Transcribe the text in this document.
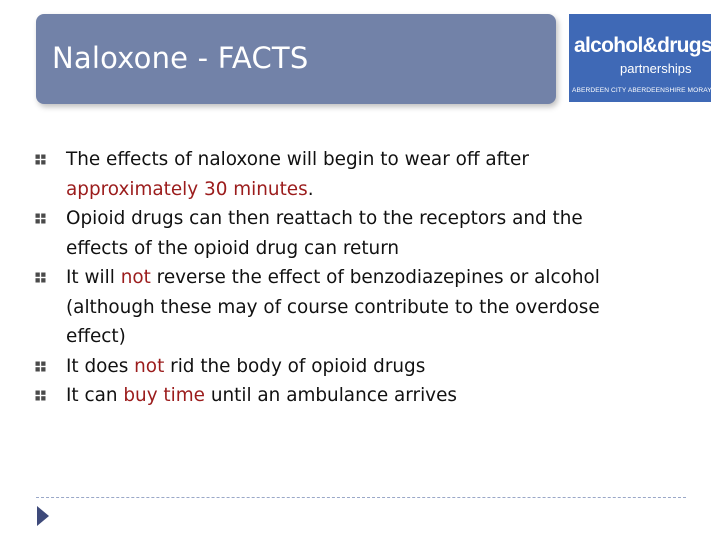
Naloxone - FACTS	alcohol&drugs
partnerships
ABERDEEN CITY ABERDEENSHIRE MORAY
The effects of naloxone will begin to wear off after approximately 30 minutes.
Opioid drugs can then reattach to the receptors and the effects of the opioid drug can return
It will not reverse the effect of benzodiazepines or alcohol (although these may of course contribute to the overdose effect)
It does not rid the body of opioid drugs
It can buy time until an ambulance arrives
